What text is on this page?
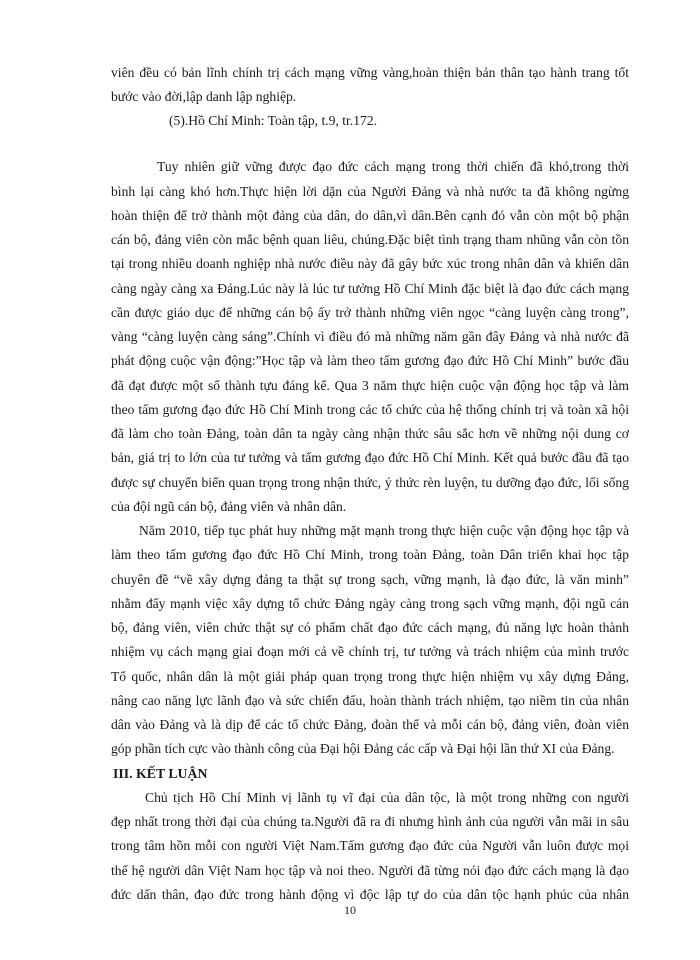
viên đều có bản lĩnh chính trị cách mạng vững vàng,hoàn thiện bản thân tạo hành trang tốt
bước vào đời,lập danh lập nghiệp.
(5).Hồ Chí Minh: Toàn tập, t.9, tr.172.
Tuy nhiên giữ vững được đạo đức cách mạng trong thời chiến đã khó,trong thời
bình lại càng khó hơn.Thực hiện lời dặn của Người Đảng và nhà nước ta đã không ngừng
hoàn thiện để trở thành một đảng của dân, do dân,vì dân.Bên cạnh đó vẫn còn một bộ phận
cán bộ, đảng viên còn mắc bệnh quan liêu, chúng.Đặc biệt tình trạng tham nhũng vẫn còn tồn
tại trong nhiều doanh nghiệp nhà nước điều này đã gây bức xúc trong nhân dân và khiến dân
càng ngày càng xa Đảng.Lúc này là lúc tư tưởng Hồ Chí Minh đặc biệt là đạo đức cách mạng
cần được giáo dục để những cán bộ ấy trở thành những viên ngọc “càng luyện càng trong”,
vàng “càng luyện càng sáng”.Chính vì điều đó mà những năm gần đây Đảng và nhà nước đã
phát động cuộc vận động:”Học tập và làm theo tấm gương đạo đức Hồ Chí Minh” bước đầu
đã đạt được một số thành tựu đáng kể. Qua 3 năm thực hiện cuộc vận động học tập và làm
theo tấm gương đạo đức Hồ Chí Minh trong các tổ chức của hệ thống chính trị và toàn xã hội
đã làm cho toàn Đảng, toàn dân ta ngày càng nhận thức sâu sắc hơn về những nội dung cơ
bản, giá trị to lớn của tư tưởng và tấm gương đạo đức Hồ Chí Minh. Kết quả bước đầu đã tạo
được sự chuyển biến quan trọng trong nhận thức, ý thức rèn luyện, tu dưỡng đạo đức, lối sống
của đội ngũ cán bộ, đảng viên và nhân dân.
Năm 2010, tiếp tục phát huy những mặt mạnh trong thực hiện cuộc vận động học tập và
làm theo tấm gương đạo đức Hồ Chí Minh, trong toàn Đảng, toàn Dân triển khai học tập
chuyên đề “về xây dựng đảng ta thật sự trong sạch, vững mạnh, là đạo đức, là văn minh”
nhằm đẩy mạnh việc xây dựng tổ chức Đảng ngày càng trong sạch vững mạnh, đội ngũ cán
bộ, đảng viên, viên chức thật sự có phẩm chất đạo đức cách mạng, đủ năng lực hoàn thành
nhiệm vụ cách mạng giai đoạn mới cả về chính trị, tư tưởng và trách nhiệm của mình trước
Tổ quốc, nhân dân là một giải pháp quan trọng trong thực hiện nhiệm vụ xây dựng Đảng,
nâng cao năng lực lãnh đạo và sức chiến đấu, hoàn thành trách nhiệm, tạo niềm tin của nhân
dân vào Đảng và là dịp để các tổ chức Đảng, đoàn thể và mỗi cán bộ, đảng viên, đoàn viên
góp phần tích cực vào thành công của Đại hội Đảng các cấp và Đại hội lần thứ XI của Đảng.
III. KẾT LUẬN
Chủ tịch Hồ Chí Minh vị lãnh tụ vĩ đại của dân tộc, là một trong những con người
đẹp nhất trong thời đại của chúng ta.Người đã ra đi nhưng hình ảnh của người vẫn mãi in sâu
trong tâm hồn mỗi con người Việt Nam.Tấm gương đạo đức của Người vẫn luôn được mọi
thế hệ người dân Việt Nam học tập và noi theo. Người đã từng nói đạo đức cách mạng là đạo
đức dấn thân, đạo đức trong hành động vì độc lập tự do của dân tộc hạnh phúc của nhân
10
